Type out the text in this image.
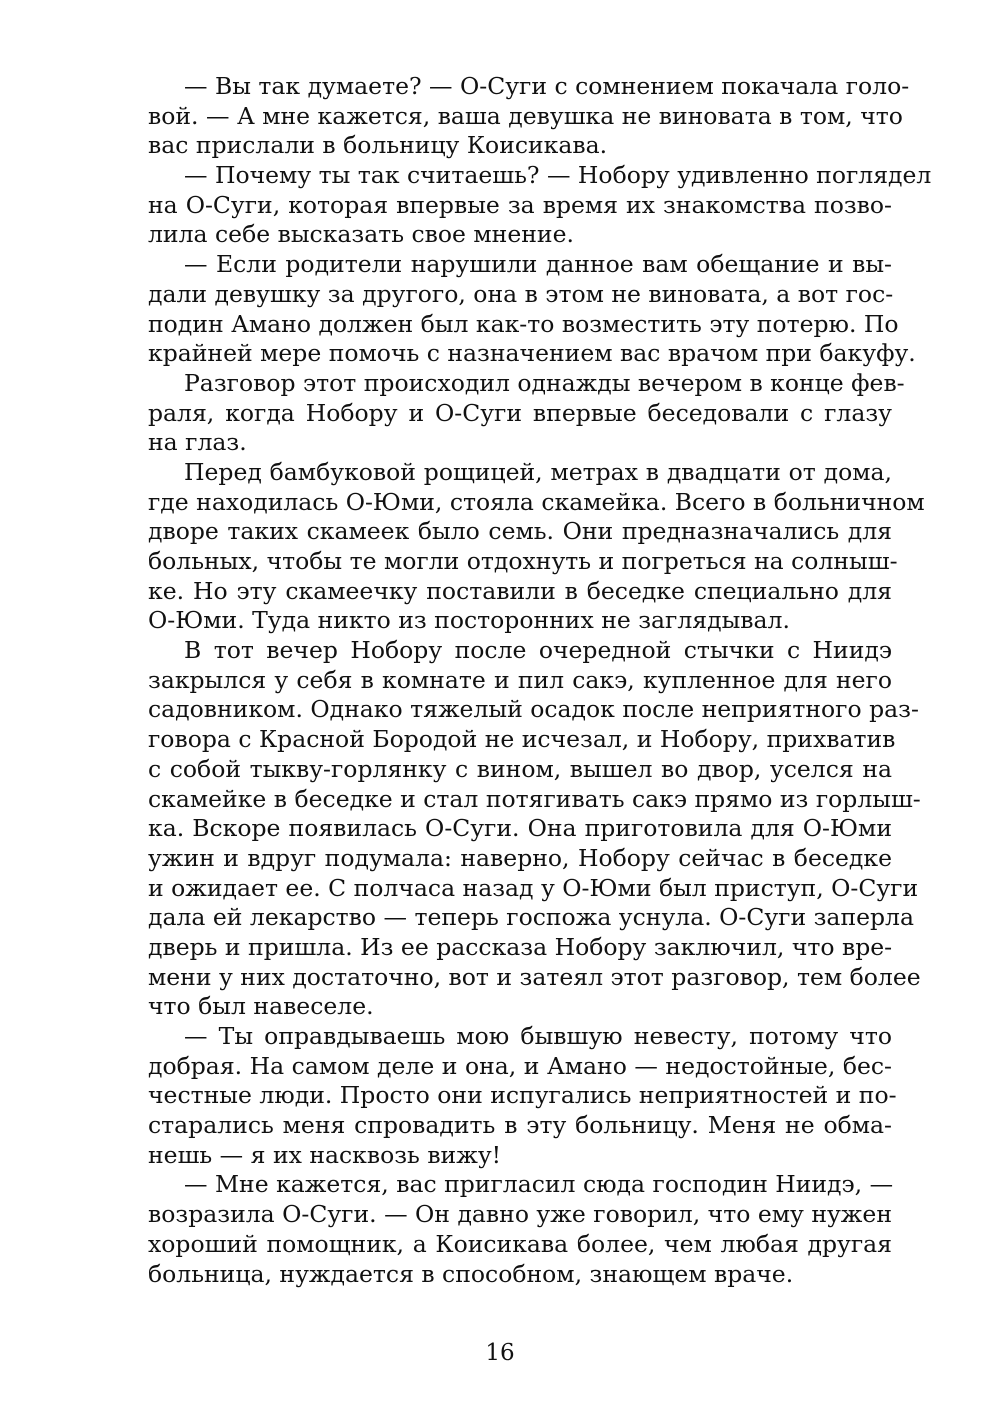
— Вы так думаете? — О-Суги с сомнением покачала голо-
вой. — А мне кажется, ваша девушка не виновата в том, что
вас прислали в больницу Коисикава.
— Почему ты так считаешь? — Нобору удивленно поглядел
на О-Суги, которая впервые за время их знакомства позво-
лила себе высказать свое мнение.
— Если родители нарушили данное вам обещание и вы-
дали девушку за другого, она в этом не виновата, а вот гос-
подин Амано должен был как-то возместить эту потерю. По
крайней мере помочь с назначением вас врачом при бакуфу.
Разговор этот происходил однажды вечером в конце фев-
раля, когда Нобору и О-Суги впервые беседовали с глазу
на глаз.
Перед бамбуковой рощицей, метрах в двадцати от дома,
где находилась О-Юми, стояла скамейка. Всего в больничном
дворе таких скамеек было семь. Они предназначались для
больных, чтобы те могли отдохнуть и погреться на солныш-
ке. Но эту скамеечку поставили в беседке специально для
О-Юми. Туда никто из посторонних не заглядывал.
В тот вечер Нобору после очередной стычки с Ниидэ
закрылся у себя в комнате и пил сакэ, купленное для него
садовником. Однако тяжелый осадок после неприятного раз-
говора с Красной Бородой не исчезал, и Нобору, прихватив
с собой тыкву-горлянку с вином, вышел во двор, уселся на
скамейке в беседке и стал потягивать сакэ прямо из горлыш-
ка. Вскоре появилась О-Суги. Она приготовила для О-Юми
ужин и вдруг подумала: наверно, Нобору сейчас в беседке
и ожидает ее. С полчаса назад у О-Юми был приступ, О-Суги
дала ей лекарство — теперь госпожа уснула. О-Суги заперла
дверь и пришла. Из ее рассказа Нобору заключил, что вре-
мени у них достаточно, вот и затеял этот разговор, тем более
что был навеселе.
— Ты оправдываешь мою бывшую невесту, потому что
добрая. На самом деле и она, и Амано — недостойные, бес-
честные люди. Просто они испугались неприятностей и по-
старались меня спровадить в эту больницу. Меня не обма-
нешь — я их насквозь вижу!
— Мне кажется, вас пригласил сюда господин Ниидэ, —
возразила О-Суги. — Он давно уже говорил, что ему нужен
хороший помощник, а Коисикава более, чем любая другая
больница, нуждается в способном, знающем враче.
16
